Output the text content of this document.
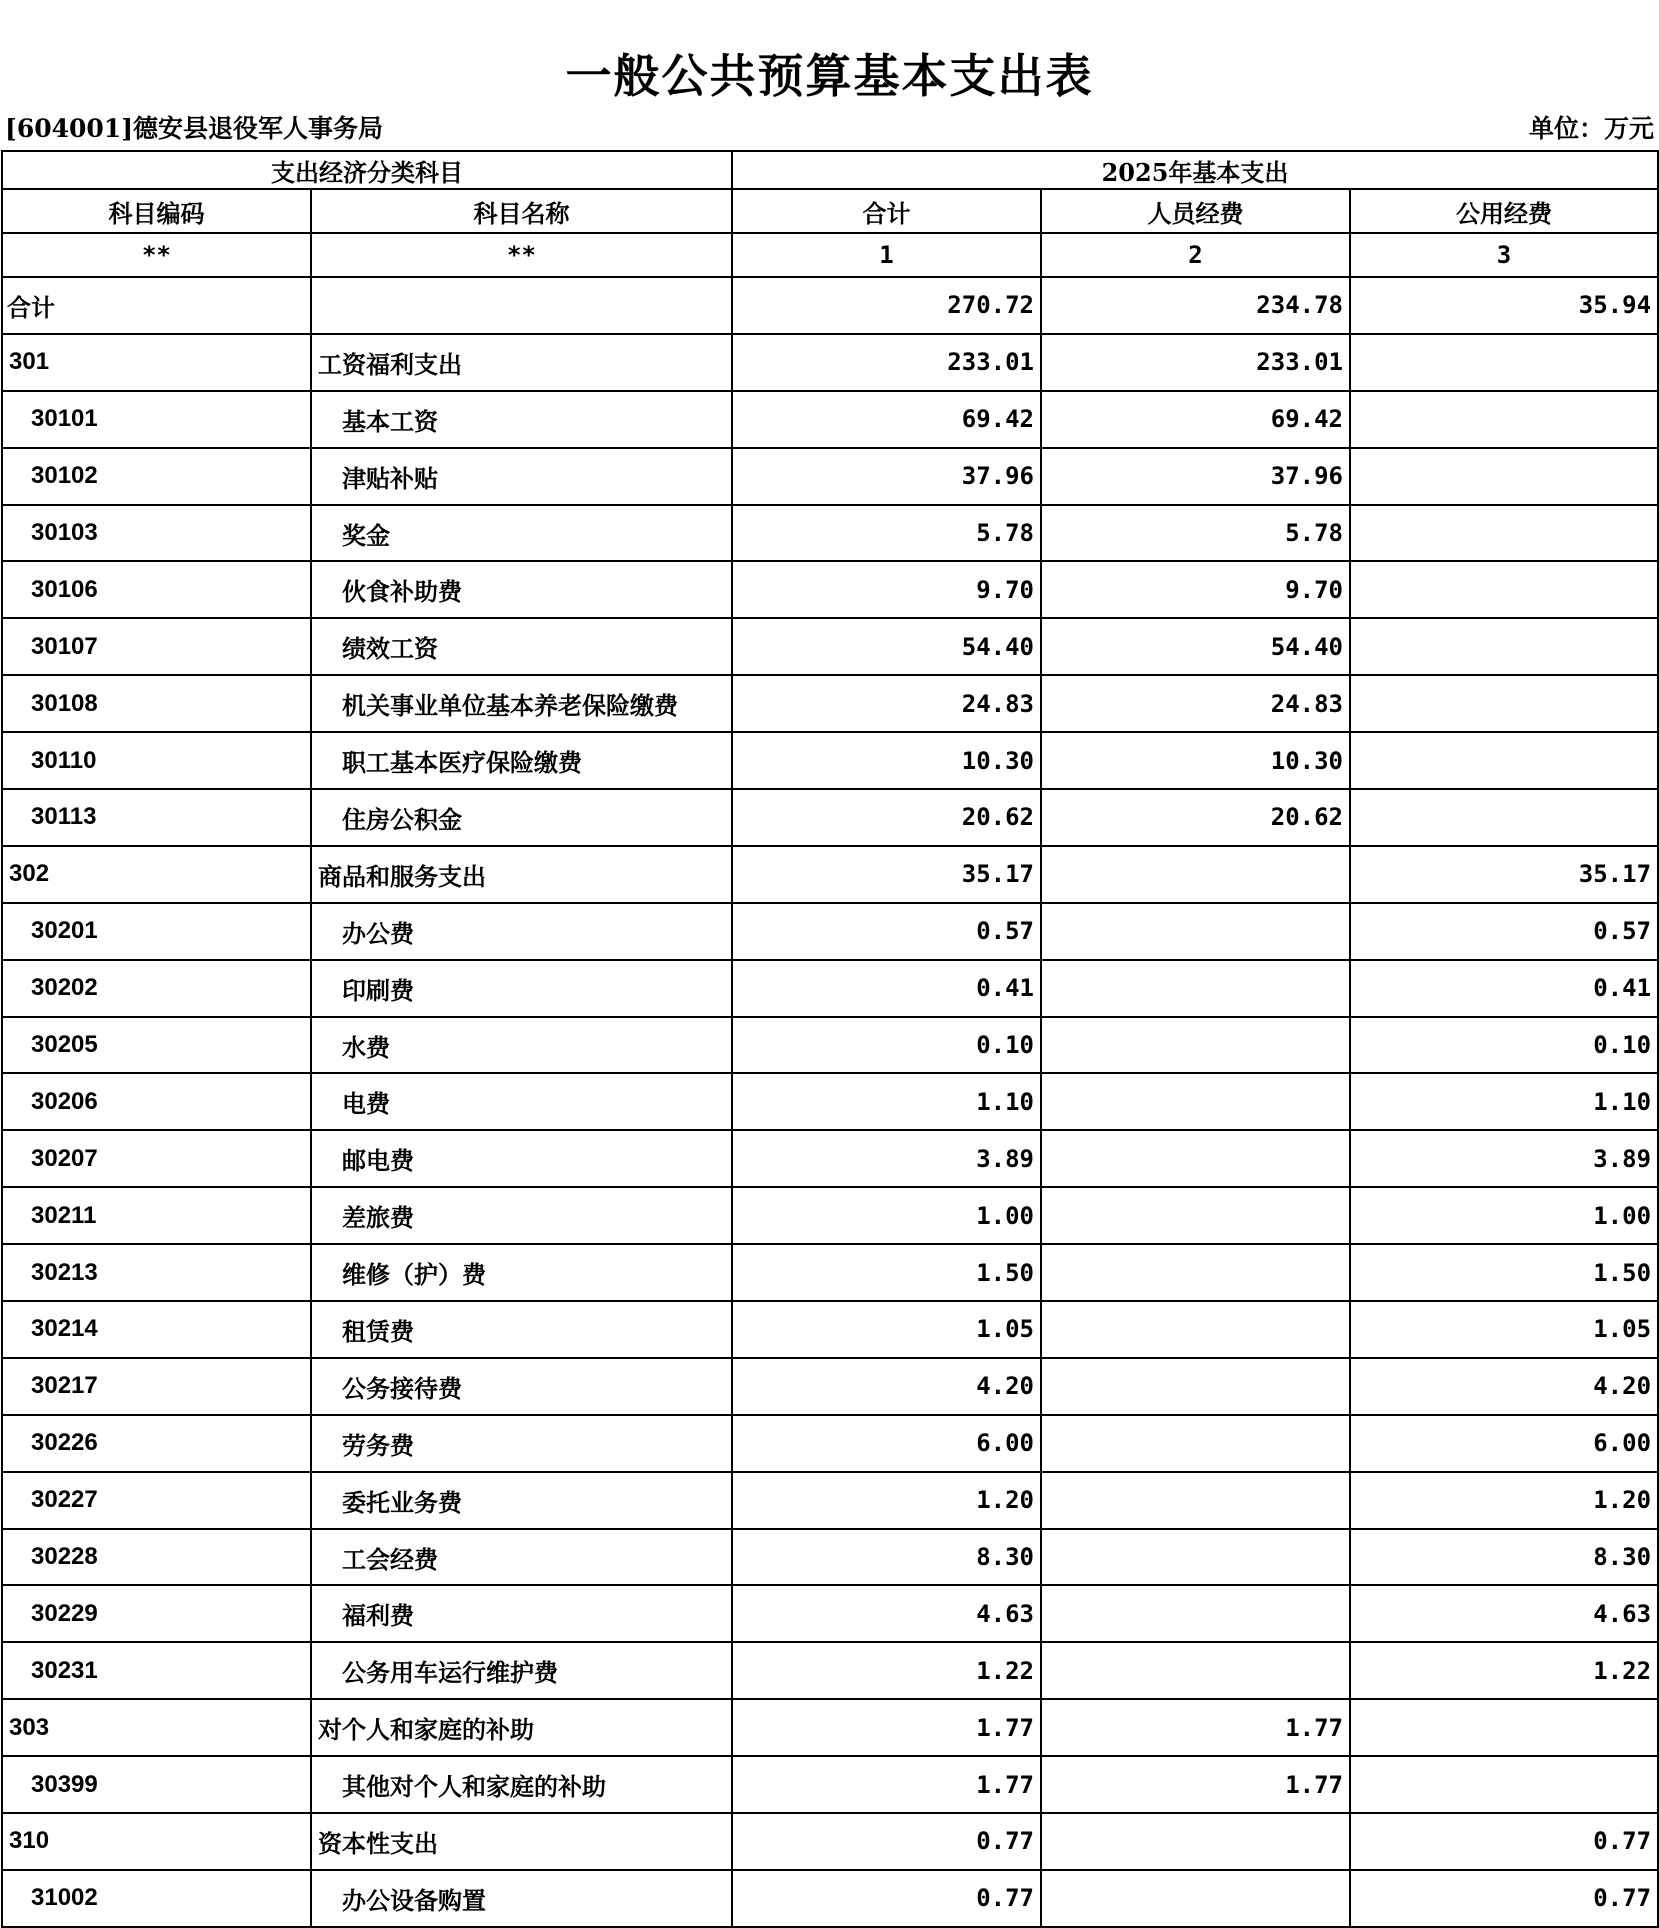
一般公共预算基本支出表
[604001]德安县退役军人事务局	单位：万元
支出经济分类科目		2025年基本支出		
科目编码	科目名称	合计	人员经费	公用经费
**	**	1	2	3
合计		270.72	234.78	35.94
301	工资福利支出	233.01	233.01	
30101	基本工资	69.42	69.42	
30102	津贴补贴	37.96	37.96	
30103	奖金	5.78	5.78	
30106	伙食补助费	9.70	9.70	
30107	绩效工资	54.40	54.40	
30108	机关事业单位基本养老保险缴费	24.83	24.83	
30110	职工基本医疗保险缴费	10.30	10.30	
30113	住房公积金	20.62	20.62	
302	商品和服务支出	35.17		35.17
30201	办公费	0.57		0.57
30202	印刷费	0.41		0.41
30205	水费	0.10		0.10
30206	电费	1.10		1.10
30207	邮电费	3.89		3.89
30211	差旅费	1.00		1.00
30213	维修（护）费	1.50		1.50
30214	租赁费	1.05		1.05
30217	公务接待费	4.20		4.20
30226	劳务费	6.00		6.00
30227	委托业务费	1.20		1.20
30228	工会经费	8.30		8.30
30229	福利费	4.63		4.63
30231	公务用车运行维护费	1.22		1.22
303	对个人和家庭的补助	1.77	1.77	
30399	其他对个人和家庭的补助	1.77	1.77	
310	资本性支出	0.77		0.77
31002	办公设备购置	0.77		0.77
